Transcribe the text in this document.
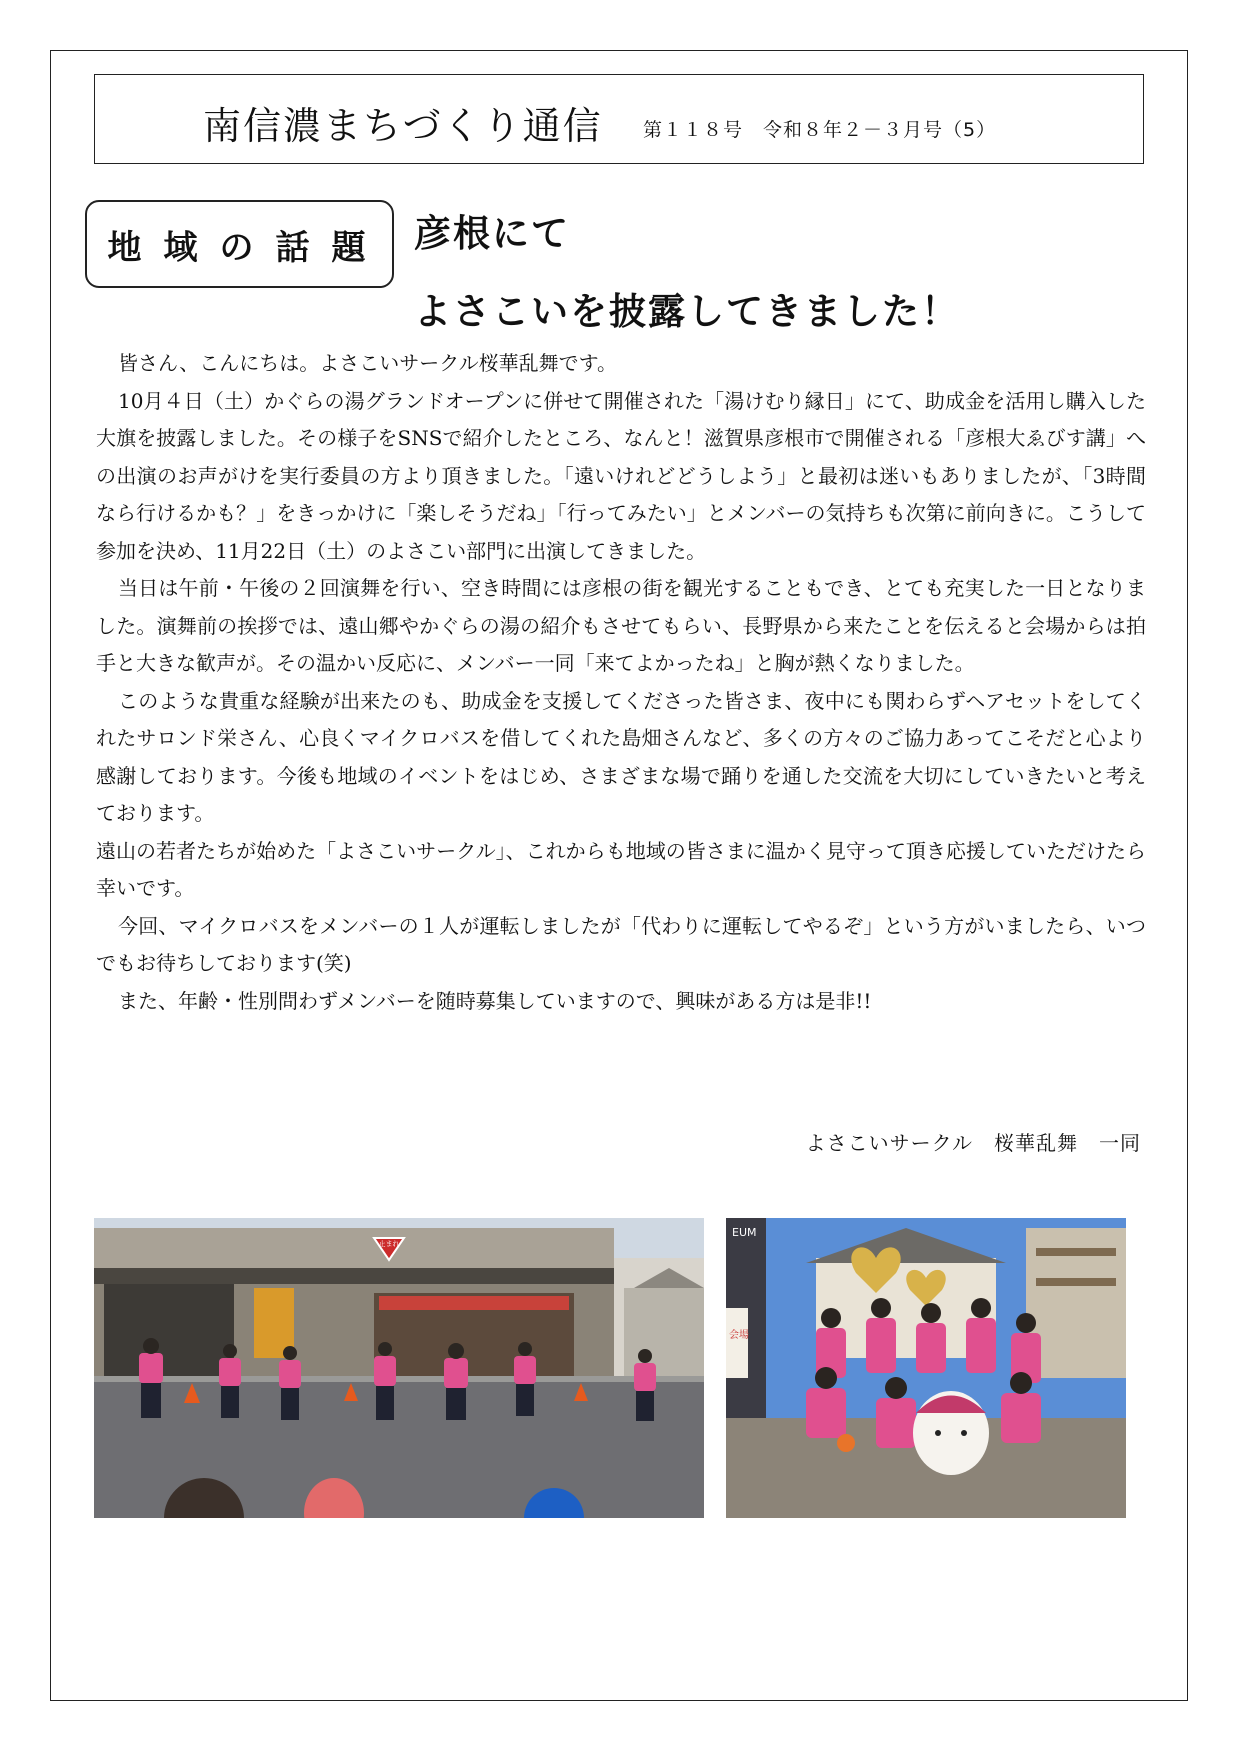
南信濃まちづくり通信 第１１８号　令和８年２－３月号（5）
地域の話題 彦根にて
よさこいを披露してきました！

皆さん、こんにちは。よさこいサークル桜華乱舞です。

10月４日（土）かぐらの湯グランドオープンに併せて開催された「湯けむり縁日」にて、助成金を活用し購入した大旗を披露しました。その様子をSNSで紹介したところ、なんと！滋賀県彦根市で開催される「彦根大ゑびす講」への出演のお声がけを実行委員の方より頂きました。「遠いけれどどうしよう」と最初は迷いもありましたが、「3時間なら行けるかも？」をきっかけに「楽しそうだね」「行ってみたい」とメンバーの気持ちも次第に前向きに。こうして参加を決め、11月22日（土）のよさこい部門に出演してきました。

当日は午前・午後の２回演舞を行い、空き時間には彦根の街を観光することもでき、とても充実した一日となりました。演舞前の挨拶では、遠山郷やかぐらの湯の紹介もさせてもらい、長野県から来たことを伝えると会場からは拍手と大きな歓声が。その温かい反応に、メンバー一同「来てよかったね」と胸が熱くなりました。

このような貴重な経験が出来たのも、助成金を支援してくださった皆さま、夜中にも関わらずヘアセットをしてくれたサロンド栄さん、心良くマイクロバスを借してくれた島畑さんなど、多くの方々のご協力あってこそだと心より感謝しております。今後も地域のイベントをはじめ、さまざまな場で踊りを通した交流を大切にしていきたいと考えております。

遠山の若者たちが始めた「よさこいサークル」、これからも地域の皆さまに温かく見守って頂き応援していただけたら幸いです。

今回、マイクロバスをメンバーの１人が運転しましたが「代わりに運転してやるぞ」という方がいましたら、いつでもお待ちしております(笑)

また、年齢・性別問わずメンバーを随時募集していますので、興味がある方は是非!!

よさこいサークル　桜華乱舞　一同
止まれ
EUM
会場
